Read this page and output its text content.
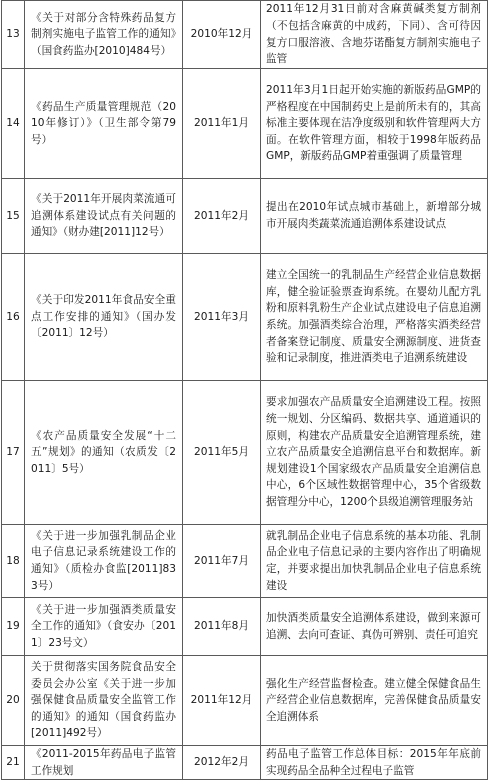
13	《关于对部分含特殊药品复方制剂实施电子监管工作的通知》（国食药监办[2010]484号）	2010年12月	2011年12月31日前对含麻黄碱类复方制剂（不包括含麻黄的中成药，下同）、含可待因复方口服溶液、含地芬诺酯复方制剂实施电子监管

14	《药品生产质量管理规范（2010年修订）》（卫生部令第79号）	2011年1月	2011年3月1日起开始实施的新版药品GMP的严格程度在中国制药史上是前所未有的，其高标准主要体现在洁净度级别和软件管理两大方面。在软件管理方面，相较于1998年版药品GMP，新版药品GMP着重强调了质量管理

15	《关于2011年开展肉菜流通可追溯体系建设试点有关问题的通知》（财办建[2011]12号）	2011年2月	提出在2010年试点城市基础上，新增部分城市开展肉类蔬菜流通追溯体系建设试点

16	《关于印发2011年食品安全重点工作安排的通知》（国办发〔2011〕12号）	2011年3月	建立全国统一的乳制品生产经营企业信息数据库，健全验证验票查询系统。在婴幼儿配方乳粉和原料乳粉生产企业试点建设电子信息追溯系统。加强酒类综合治理，严格落实酒类经营者备案登记制度、质量安全溯源制度、进货查验和记录制度，推进酒类电子追溯系统建设

17	《农产品质量安全发展“十二五”规划》的通知（农质发〔2011〕5号）	2011年5月	要求加强农产品质量安全追溯建设工程。按照统一规划、分区编码、数据共享、通道通识的原则，构建农产品质量安全追溯管理系统，建立农产品质量安全追溯信息平台和数据库。新规划建设1个国家级农产品质量安全追溯信息中心，6个区域性数据管理中心，35个省级数据管理分中心，1200个县级追溯管理服务站

18	《关于进一步加强乳制品企业电子信息记录系统建设工作的通知》（质检办食监[2011]833号）	2011年7月	就乳制品企业电子信息系统的基本功能、乳制品企业电子信息记录的主要内容作出了明确规定，并要求提出加快乳制品企业电子信息系统建设

19	《关于进一步加强酒类质量安全工作的通知》（食安办〔2011〕23号文）	2011年8月	加快酒类质量安全追溯体系建设，做到来源可追溯、去向可查证、真伪可辨别、责任可追究

20	关于贯彻落实国务院食品安全委员会办公室《关于进一步加强保健食品质量安全监管工作的通知》的通知（国食药监办[2011]492号）	2011年12月	强化生产经营监督检查。建立健全保健食品生产经营企业信息数据库，完善保健食品质量安全追溯体系

21	《2011-2015年药品电子监管工作规划	2012年2月	药品电子监管工作总体目标：2015年年底前实现药品全品种全过程电子监管
